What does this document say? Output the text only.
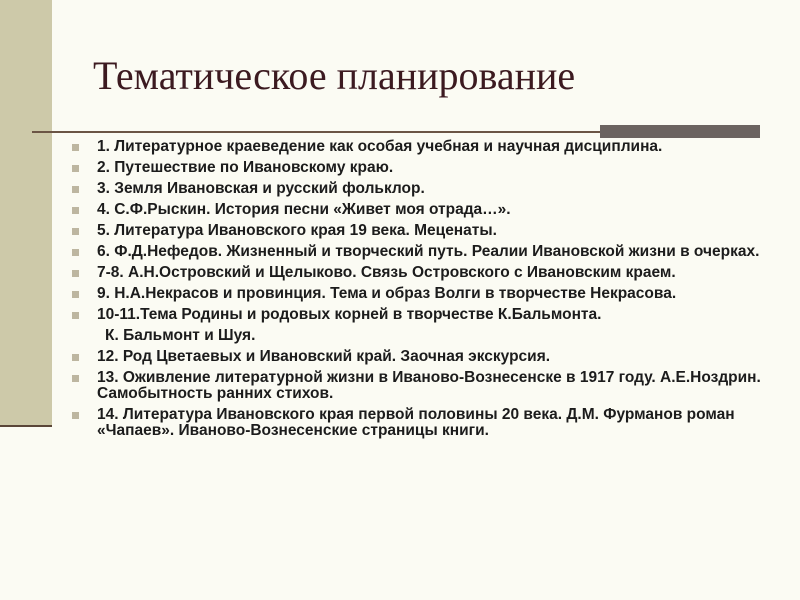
Тематическое планирование
1. Литературное краеведение как особая учебная и научная дисциплина.
2. Путешествие по Ивановскому краю.
3. Земля Ивановская и русский фольклор.
4. С.Ф.Рыскин. История песни «Живет моя отрада…».
5. Литература Ивановского края 19 века. Меценаты.
6. Ф.Д.Нефедов. Жизненный и творческий путь. Реалии Ивановской жизни в очерках.
7-8. А.Н.Островский и Щелыково. Связь Островского с Ивановским краем.
9. Н.А.Некрасов и провинция. Тема и образ Волги в творчестве Некрасова.
10-11.Тема Родины и родовых корней в творчестве К.Бальмонта.
К. Бальмонт и Шуя.
12. Род Цветаевых и Ивановский край. Заочная экскурсия.
13. Оживление литературной жизни в Иваново-Вознесенске в 1917 году. А.Е.Ноздрин. Самобытность ранних стихов.
14. Литература Ивановского края первой половины 20 века. Д.М. Фурманов роман «Чапаев». Иваново-Вознесенские страницы книги.
